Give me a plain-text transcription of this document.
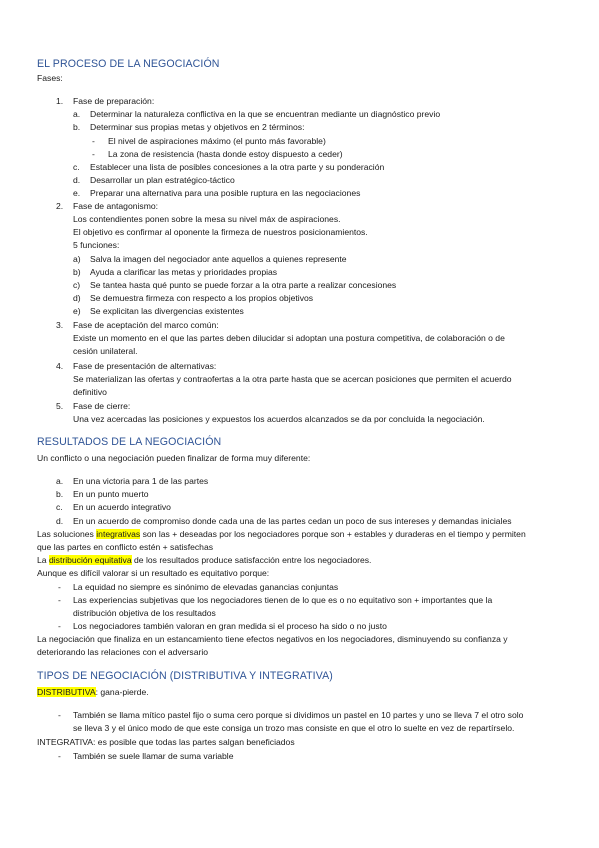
EL PROCESO DE LA NEGOCIACIÓN
Fases:
1. Fase de preparación:
a. Determinar la naturaleza conflictiva en la que se encuentran mediante un diagnóstico previo
b. Determinar sus propias metas y objetivos en 2 términos:
- El nivel de aspiraciones máximo (el punto más favorable)
- La zona de resistencia (hasta donde estoy dispuesto a ceder)
c. Establecer una lista de posibles concesiones a la otra parte y su ponderación
d. Desarrollar un plan estratégico-táctico
e. Preparar una alternativa para una posible ruptura en las negociaciones
2. Fase de antagonismo:
Los contendientes ponen sobre la mesa su nivel máx de aspiraciones.
El objetivo es confirmar al oponente la firmeza de nuestros posicionamientos.
5 funciones:
a) Salva la imagen del negociador ante aquellos a quienes represente
b) Ayuda a clarificar las metas y prioridades propias
c) Se tantea hasta qué punto se puede forzar a la otra parte a realizar concesiones
d) Se demuestra firmeza con respecto a los propios objetivos
e) Se explicitan las divergencias existentes
3. Fase de aceptación del marco común:
Existe un momento en el que las partes deben dilucidar si adoptan una postura competitiva, de colaboración o de
cesión unilateral.
4. Fase de presentación de alternativas:
Se materializan las ofertas y contraofertas a la otra parte hasta que se acercan posiciones que permiten el acuerdo
definitivo
5. Fase de cierre:
Una vez acercadas las posiciones y expuestos los acuerdos alcanzados se da por concluida la negociación.
RESULTADOS DE LA NEGOCIACIÓN
Un conflicto o una negociación pueden finalizar de forma muy diferente:
a. En una victoria para 1 de las partes
b. En un punto muerto
c. En un acuerdo integrativo
d. En un acuerdo de compromiso donde cada una de las partes cedan un poco de sus intereses y demandas iniciales
Las soluciones integrativas son las + deseadas por los negociadores porque son + estables y duraderas en el tiempo y permiten
que las partes en conflicto estén + satisfechas
La distribución equitativa de los resultados produce satisfacción entre los negociadores.
Aunque es difícil valorar si un resultado es equitativo porque:
- La equidad no siempre es sinónimo de elevadas ganancias conjuntas
- Las experiencias subjetivas que los negociadores tienen de lo que es o no equitativo son + importantes que la
distribución objetiva de los resultados
- Los negociadores también valoran en gran medida si el proceso ha sido o no justo
La negociación que finaliza en un estancamiento tiene efectos negativos en los negociadores, disminuyendo su confianza y
deteriorando las relaciones con el adversario
TIPOS DE NEGOCIACIÓN (DISTRIBUTIVA Y INTEGRATIVA)
DISTRIBUTIVA: gana-pierde.
- También se llama mítico pastel fijo o suma cero porque si dividimos un pastel en 10 partes y uno se lleva 7 el otro solo
se lleva 3 y el único modo de que este consiga un trozo mas consiste en que el otro lo suelte en vez de repartírselo.
INTEGRATIVA: es posible que todas las partes salgan beneficiados
- También se suele llamar de suma variable
